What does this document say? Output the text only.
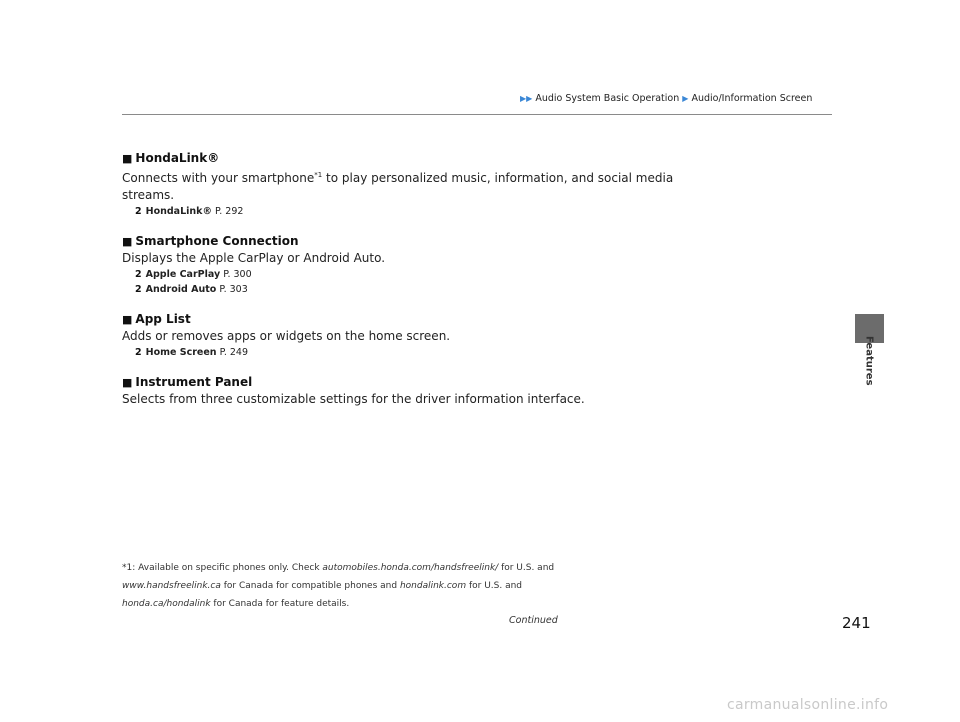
▶▶ Audio System Basic Operation ▶ Audio/Information Screen
Features
■ HondaLink®
Connects with your smartphone$^{*1}$ to play personalized music, information, and social media streams.
2 HondaLink® P. 292
■ Smartphone Connection
Displays the Apple CarPlay or Android Auto.
2 Apple CarPlay P. 300
2 Android Auto P. 303
■ App List
Adds or removes apps or widgets on the home screen.
2 Home Screen P. 249
■ Instrument Panel
Selects from three customizable settings for the driver information interface.
*1: Available on specific phones only. Check automobiles.honda.com/handsfreelink/ for U.S. and www.handsfreelink.ca for Canada for compatible phones and hondalink.com for U.S. and honda.ca/hondalink for Canada for feature details.
Continued	241
carmanualsonline.info
